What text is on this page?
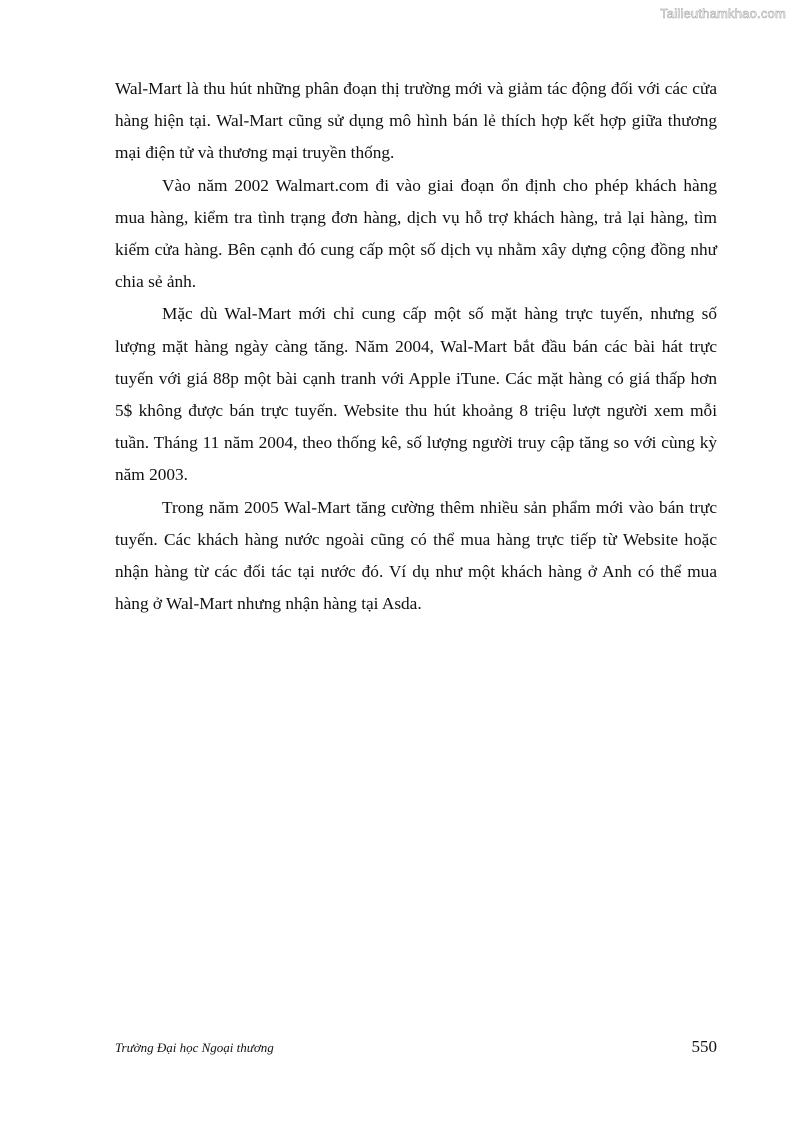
Tailieuthamkhao.com

Wal-Mart là thu hút những phân đoạn thị trường mới và giảm tác động đối với các cửa hàng hiện tại. Wal-Mart cũng sử dụng mô hình bán lẻ thích hợp kết hợp giữa thương mại điện tử và thương mại truyền thống.

Vào năm 2002 Walmart.com đi vào giai đoạn ổn định cho phép khách hàng mua hàng, kiểm tra tình trạng đơn hàng, dịch vụ hỗ trợ khách hàng, trả lại hàng, tìm kiếm cửa hàng. Bên cạnh đó cung cấp một số dịch vụ nhằm xây dựng cộng đồng như chia sẻ ảnh.

Mặc dù Wal-Mart mới chỉ cung cấp một số mặt hàng trực tuyến, nhưng số lượng mặt hàng ngày càng tăng. Năm 2004, Wal-Mart bắt đầu bán các bài hát trực tuyến với giá 88p một bài cạnh tranh với Apple iTune. Các mặt hàng có giá thấp hơn 5$ không được bán trực tuyến. Website thu hút khoảng 8 triệu lượt người xem mỗi tuần. Tháng 11 năm 2004, theo thống kê, số lượng người truy cập tăng so với cùng kỳ năm 2003.

Trong năm 2005 Wal-Mart tăng cường thêm nhiều sản phẩm mới vào bán trực tuyến. Các khách hàng nước ngoài cũng có thể mua hàng trực tiếp từ Website hoặc nhận hàng từ các đối tác tại nước đó. Ví dụ như một khách hàng ở Anh có thể mua hàng ở Wal-Mart nhưng nhận hàng tại Asda.

Trường Đại học Ngoại thương	550
